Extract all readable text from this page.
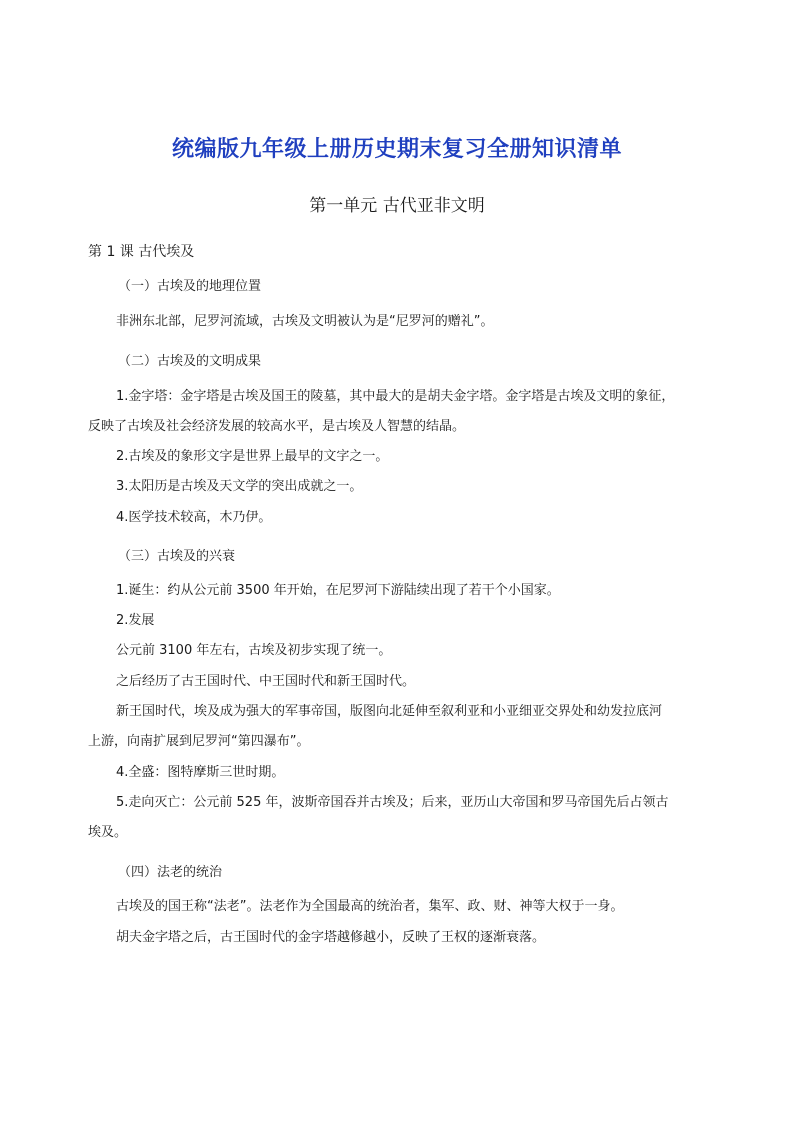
统编版九年级上册历史期末复习全册知识清单
第一单元 古代亚非文明

第 1 课 古代埃及

（一）古埃及的地理位置

非洲东北部，尼罗河流域，古埃及文明被认为是“尼罗河的赠礼”。

（二）古埃及的文明成果

1.金字塔：金字塔是古埃及国王的陵墓，其中最大的是胡夫金字塔。金字塔是古埃及文明的象征，

反映了古埃及社会经济发展的较高水平，是古埃及人智慧的结晶。

2.古埃及的象形文字是世界上最早的文字之一。

3.太阳历是古埃及天文学的突出成就之一。

4.医学技术较高，木乃伊。

（三）古埃及的兴衰

1.诞生：约从公元前 3500 年开始，在尼罗河下游陆续出现了若干个小国家。

2.发展

公元前 3100 年左右，古埃及初步实现了统一。

之后经历了古王国时代、中王国时代和新王国时代。

新王国时代，埃及成为强大的军事帝国，版图向北延伸至叙利亚和小亚细亚交界处和幼发拉底河

上游，向南扩展到尼罗河“第四瀑布”。

4.全盛：图特摩斯三世时期。

5.走向灭亡：公元前 525 年，波斯帝国吞并古埃及；后来，亚历山大帝国和罗马帝国先后占领古

埃及。

（四）法老的统治

古埃及的国王称“法老”。法老作为全国最高的统治者，集军、政、财、神等大权于一身。

胡夫金字塔之后，古王国时代的金字塔越修越小，反映了王权的逐渐衰落。
